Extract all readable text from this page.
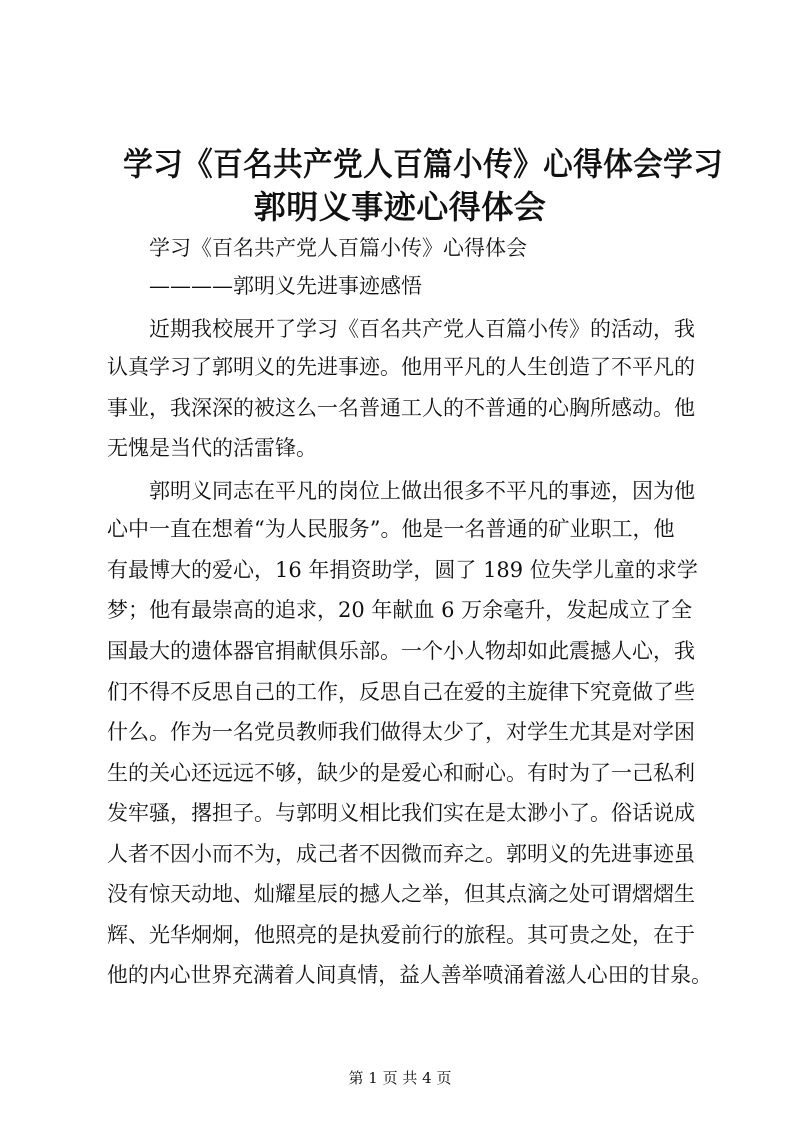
学习《百名共产党人百篇小传》心得体会学习
郭明义事迹心得体会
学习《百名共产党人百篇小传》心得体会
————郭明义先进事迹感悟
近期我校展开了学习《百名共产党人百篇小传》的活动，我
认真学习了郭明义的先进事迹。他用平凡的人生创造了不平凡的
事业，我深深的被这么一名普通工人的不普通的心胸所感动。他
无愧是当代的活雷锋。
郭明义同志在平凡的岗位上做出很多不平凡的事迹，因为他
心中一直在想着“为人民服务”。他是一名普通的矿业职工，他
有最博大的爱心，16 年捐资助学，圆了 189 位失学儿童的求学
梦；他有最崇高的追求，20 年献血 6 万余毫升，发起成立了全
国最大的遗体器官捐献俱乐部。一个小人物却如此震撼人心，我
们不得不反思自己的工作，反思自己在爱的主旋律下究竟做了些
什么。作为一名党员教师我们做得太少了，对学生尤其是对学困
生的关心还远远不够，缺少的是爱心和耐心。有时为了一己私利
发牢骚，撂担子。与郭明义相比我们实在是太渺小了。俗话说成
人者不因小而不为，成己者不因微而弃之。郭明义的先进事迹虽
没有惊天动地、灿耀星辰的撼人之举，但其点滴之处可谓熠熠生
辉、光华炯炯，他照亮的是执爱前行的旅程。其可贵之处，在于
他的内心世界充满着人间真情，益人善举喷涌着滋人心田的甘泉。
第 1 页 共 4 页
